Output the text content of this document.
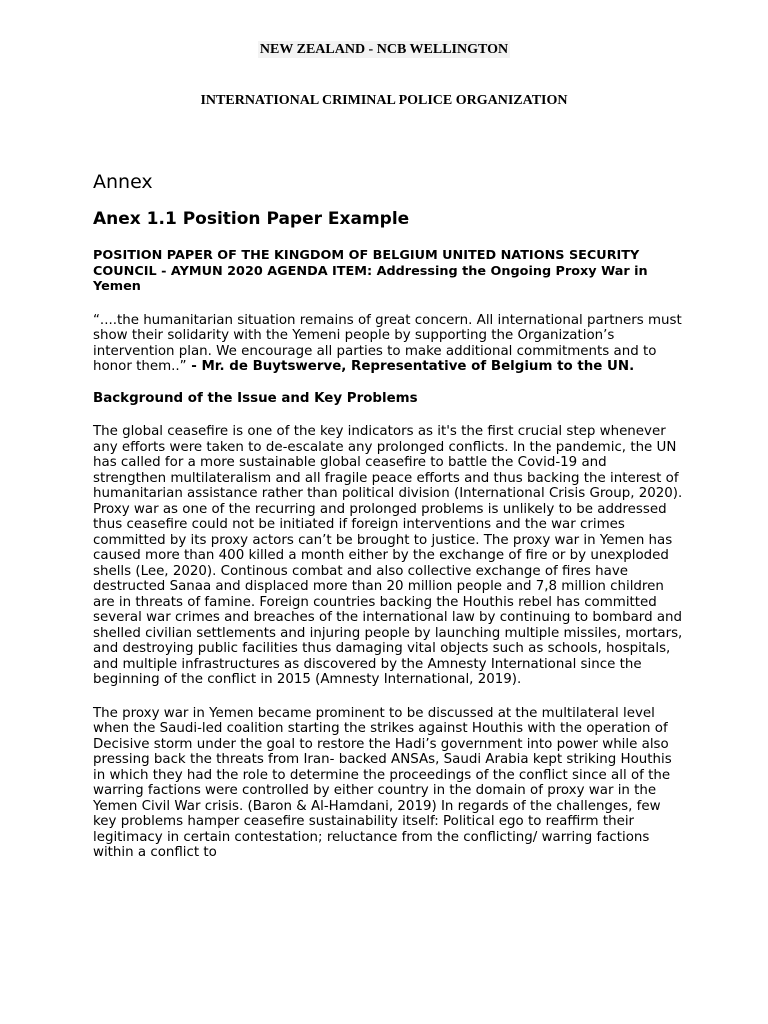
NEW ZEALAND - NCB WELLINGTON
INTERNATIONAL CRIMINAL POLICE ORGANIZATION
Annex
Anex 1.1 Position Paper Example
POSITION PAPER OF THE KINGDOM OF BELGIUM UNITED NATIONS SECURITY COUNCIL - AYMUN 2020 AGENDA ITEM: Addressing the Ongoing Proxy War in Yemen

“....the humanitarian situation remains of great concern. All international partners must show their solidarity with the Yemeni people by supporting the Organization’s intervention plan. We encourage all parties to make additional commitments and to honor them..” - Mr. de Buytswerve, Representative of Belgium to the UN.

Background of the Issue and Key Problems

The global ceasefire is one of the key indicators as it's the first crucial step whenever any efforts were taken to de-escalate any prolonged conflicts. In the pandemic, the UN has called for a more sustainable global ceasefire to battle the Covid-19 and strengthen multilateralism and all fragile peace efforts and thus backing the interest of humanitarian assistance rather than political division (International Crisis Group, 2020). Proxy war as one of the recurring and prolonged problems is unlikely to be addressed thus ceasefire could not be initiated if foreign interventions and the war crimes committed by its proxy actors can’t be brought to justice. The proxy war in Yemen has caused more than 400 killed a month either by the exchange of fire or by unexploded shells (Lee, 2020). Continous combat and also collective exchange of fires have destructed Sanaa and displaced more than 20 million people and 7,8 million children are in threats of famine. Foreign countries backing the Houthis rebel has committed several war crimes and breaches of the international law by continuing to bombard and shelled civilian settlements and injuring people by launching multiple missiles, mortars, and destroying public facilities thus damaging vital objects such as schools, hospitals, and multiple infrastructures as discovered by the Amnesty International since the beginning of the conflict in 2015 (Amnesty International, 2019).

The proxy war in Yemen became prominent to be discussed at the multilateral level when the Saudi-led coalition starting the strikes against Houthis with the operation of Decisive storm under the goal to restore the Hadi’s government into power while also pressing back the threats from Iran- backed ANSAs, Saudi Arabia kept striking Houthis in which they had the role to determine the proceedings of the conflict since all of the warring factions were controlled by either country in the domain of proxy war in the Yemen Civil War crisis. (Baron & Al-Hamdani, 2019) In regards of the challenges, few key problems hamper ceasefire sustainability itself: Political ego to reaffirm their legitimacy in certain contestation; reluctance from the conflicting/ warring factions within a conflict to
